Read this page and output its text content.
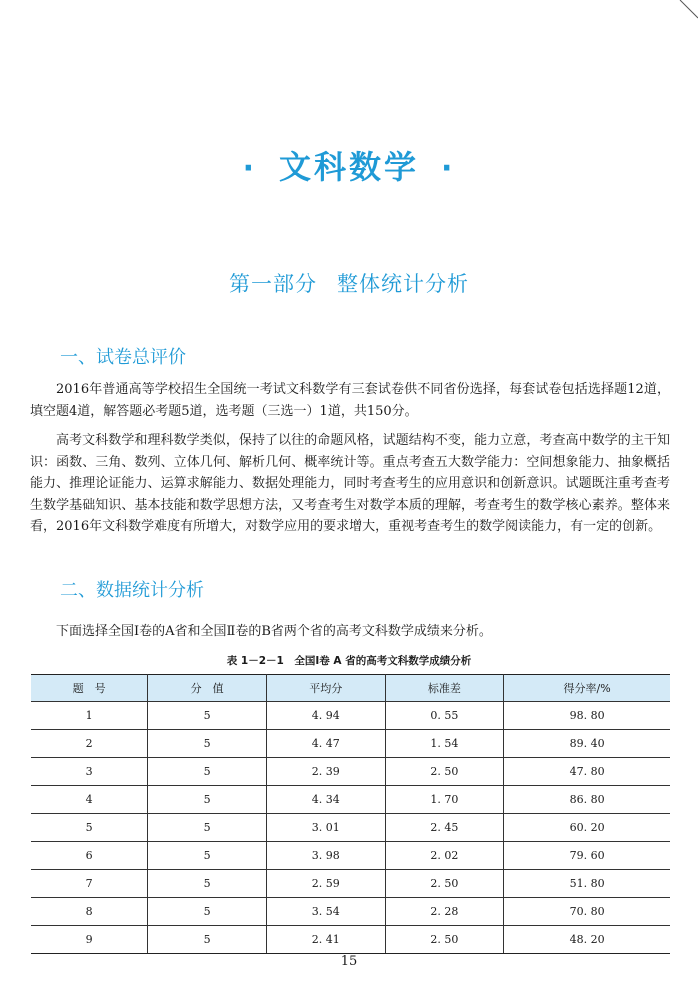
· 文科数学 ·
第一部分 整体统计分析
一、试卷总评价
2016年普通高等学校招生全国统一考试文科数学有三套试卷供不同省份选择，每套试卷包括选择题12道，填空题4道，解答题必考题5道，选考题（三选一）1道，共150分。
高考文科数学和理科数学类似，保持了以往的命题风格，试题结构不变，能力立意，考查高中数学的主干知识：函数、三角、数列、立体几何、解析几何、概率统计等。重点考查五大数学能力：空间想象能力、抽象概括能力、推理论证能力、运算求解能力、数据处理能力，同时考查考生的应用意识和创新意识。试题既注重考查考生数学基础知识、基本技能和数学思想方法，又考查考生对数学本质的理解，考查考生的数学核心素养。整体来看，2016年文科数学难度有所增大，对数学应用的要求增大，重视考查考生的数学阅读能力，有一定的创新。
二、数据统计分析
下面选择全国Ⅰ卷的A省和全国Ⅱ卷的B省两个省的高考文科数学成绩来分析。
表 1－2－1　全国Ⅰ卷 A 省的高考文科数学成绩分析
题　号	分　值	平均分	标准差	得分率/%
1	5	4. 94	0. 55	98. 80
2	5	4. 47	1. 54	89. 40
3	5	2. 39	2. 50	47. 80
4	5	4. 34	1. 70	86. 80
5	5	3. 01	2. 45	60. 20
6	5	3. 98	2. 02	79. 60
7	5	2. 59	2. 50	51. 80
8	5	3. 54	2. 28	70. 80
9	5	2. 41	2. 50	48. 20
15
